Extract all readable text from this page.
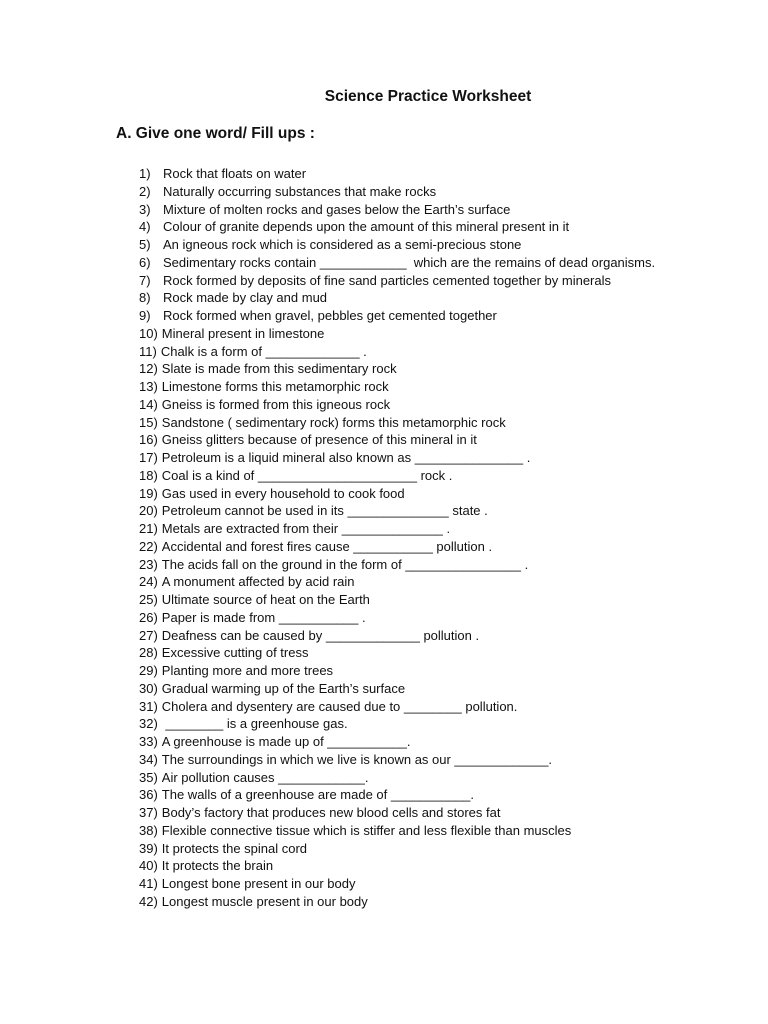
Science Practice Worksheet
A. Give one word/ Fill ups :
1) Rock that floats on water
2) Naturally occurring substances that make rocks
3) Mixture of molten rocks and gases below the Earth’s surface
4) Colour of granite depends upon the amount of this mineral present in it
5) An igneous rock which is considered as a semi-precious stone
6) Sedimentary rocks contain ____________  which are the remains of dead organisms.
7) Rock formed by deposits of fine sand particles cemented together by minerals
8) Rock made by clay and mud
9) Rock formed when gravel, pebbles get cemented together
10) Mineral present in limestone
11) Chalk is a form of _____________ .
12) Slate is made from this sedimentary rock
13) Limestone forms this metamorphic rock
14) Gneiss is formed from this igneous rock
15) Sandstone ( sedimentary rock) forms this metamorphic rock
16) Gneiss glitters because of presence of this mineral in it
17) Petroleum is a liquid mineral also known as _______________ .
18) Coal is a kind of ______________________ rock .
19) Gas used in every household to cook food
20) Petroleum cannot be used in its ______________ state .
21) Metals are extracted from their ______________ .
22) Accidental and forest fires cause ___________ pollution .
23) The acids fall on the ground in the form of ________________ .
24) A monument affected by acid rain
25) Ultimate source of heat on the Earth
26) Paper is made from ___________ .
27) Deafness can be caused by _____________ pollution .
28) Excessive cutting of tress
29) Planting more and more trees
30) Gradual warming up of the Earth’s surface
31) Cholera and dysentery are caused due to ________ pollution.
32) ________ is a greenhouse gas.
33) A greenhouse is made up of ___________.
34) The surroundings in which we live is known as our _____________.
35) Air pollution causes ____________.
36) The walls of a greenhouse are made of ___________.
37) Body’s factory that produces new blood cells and stores fat
38) Flexible connective tissue which is stiffer and less flexible than muscles
39) It protects the spinal cord
40) It protects the brain
41) Longest bone present in our body
42) Longest muscle present in our body
